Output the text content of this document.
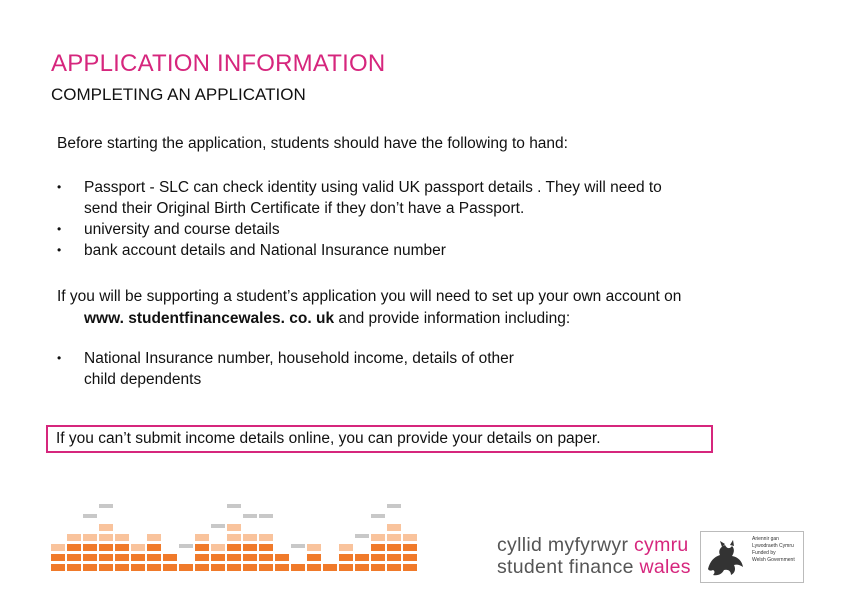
APPLICATION INFORMATION
COMPLETING AN APPLICATION

Before starting the application, students should have the following to hand:

• Passport - SLC can check identity using valid UK passport details . They will need to
send their Original Birth Certificate if they don’t have a Passport.
• university and course details
• bank account details and National Insurance number

If you will be supporting a student’s application you will need to set up your own account on
www. studentfinancewales. co. uk and provide information including:

• National Insurance number, household income, details of other
child dependents

If you can’t submit income details online, you can provide your details on paper.

cyllid myfyrwyr cymru
student finance wales
Ariennir gan
Lywodraeth Cymru
Funded by
Welsh Government
